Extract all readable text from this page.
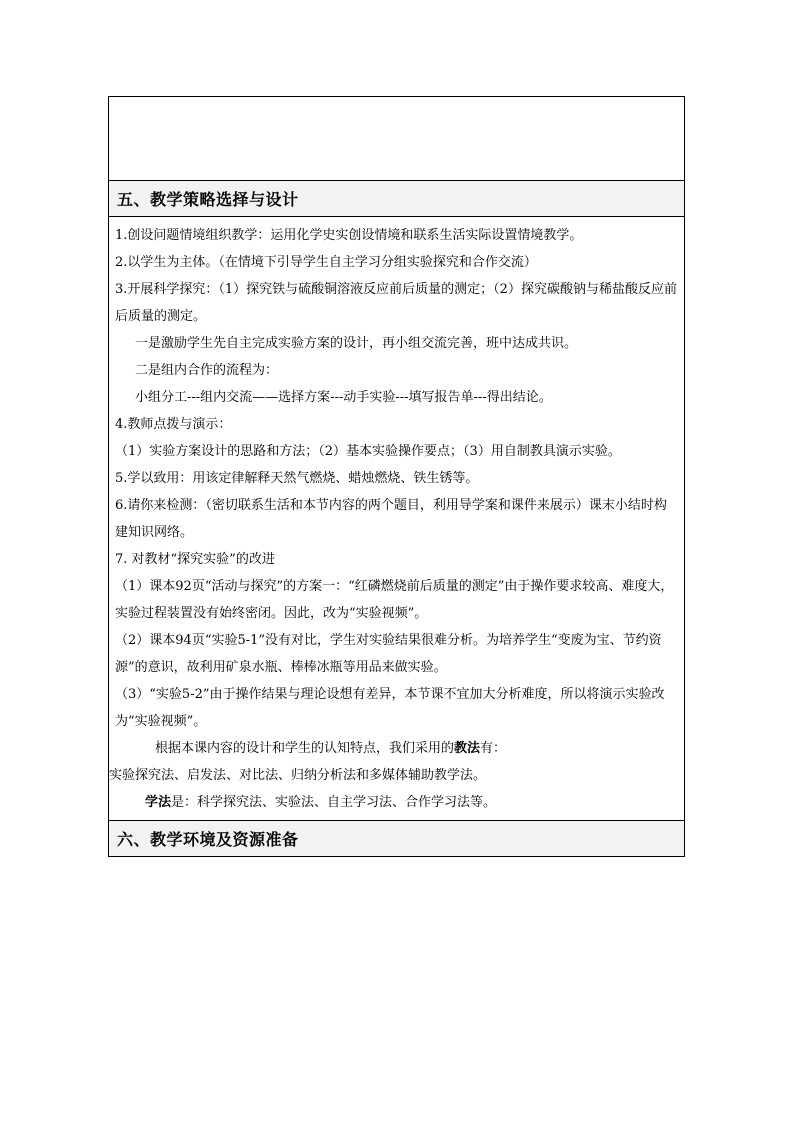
五、教学策略选择与设计
1.创设问题情境组织教学：运用化学史实创设情境和联系生活实际设置情境教学。
2.以学生为主体。（在情境下引导学生自主学习分组实验探究和合作交流）
3.开展科学探究：（1）探究铁与硫酸铜溶液反应前后质量的测定；（2）探究碳酸钠与稀盐酸反应前后质量的测定。
一是激励学生先自主完成实验方案的设计，再小组交流完善，班中达成共识。
二是组内合作的流程为：
小组分工---组内交流——选择方案---动手实验---填写报告单---得出结论。
4.教师点拨与演示：
（1）实验方案设计的思路和方法；（2）基本实验操作要点；（3）用自制教具演示实验。
5.学以致用：用该定律解释天然气燃烧、蜡烛燃烧、铁生锈等。
6.请你来检测：（密切联系生活和本节内容的两个题目，利用导学案和课件来展示）课末小结时构建知识网络。
7. 对教材“探究实验”的改进
（1）课本92页“活动与探究”的方案一：“红磷燃烧前后质量的测定”由于操作要求较高、难度大，实验过程装置没有始终密闭。因此，改为“实验视频”。
（2）课本94页“实验5-1”没有对比，学生对实验结果很难分析。为培养学生“变废为宝、节约资源”的意识，故利用矿泉水瓶、棒棒冰瓶等用品来做实验。
（3）“实验5-2”由于操作结果与理论设想有差异，本节课不宜加大分析难度，所以将演示实验改为“实验视频”。
根据本课内容的设计和学生的认知特点，我们采用的教法有：
实验探究法、启发法、对比法、归纳分析法和多媒体辅助教学法。
学法是：科学探究法、实验法、自主学习法、合作学习法等。
六、教学环境及资源准备
